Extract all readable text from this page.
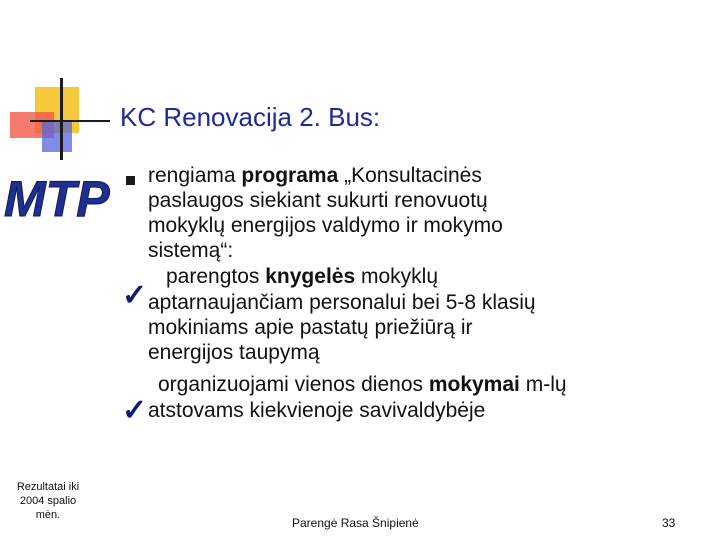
KC Renovacija 2. Bus:
MTP rengiama programa „Konsultacinės
paslaugos siekiant sukurti renovuotų
mokyklų energijos valdymo ir mokymo
sistemą“:
parengtos knygelės mokyklų
aptarnaujančiam personalui bei 5-8 klasių
mokiniams apie pastatų priežiūrą ir
energijos taupymą
organizuojami vienos dienos mokymai m-lų
atstovams kiekvienoje savivaldybėje
✓
✓
Rezultatai iki
2004 spalio
mėn.
Parengė Rasa Šnipienė	33
